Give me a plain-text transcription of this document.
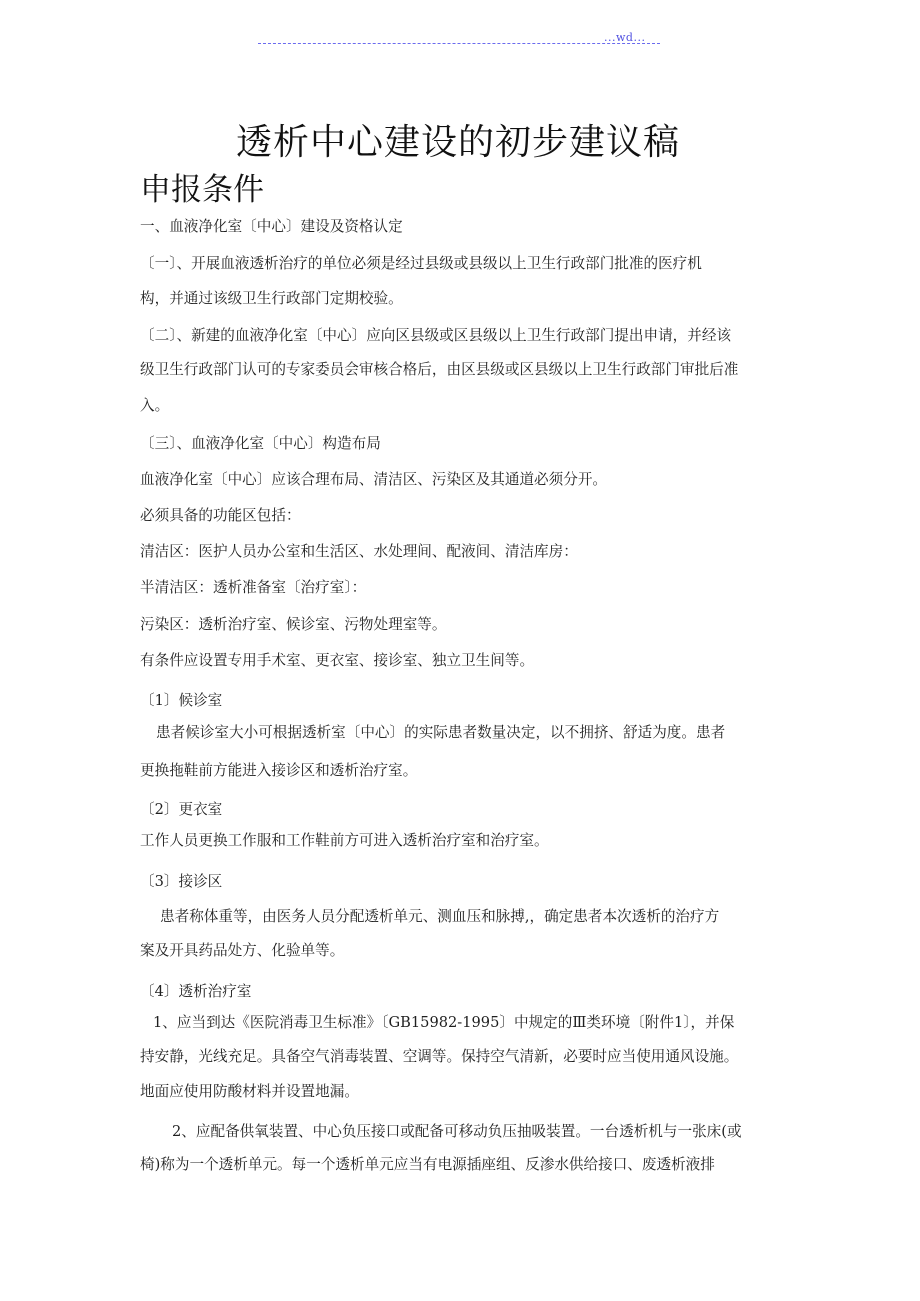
...wd...
透析中心建设的初步建议稿
申报条件
一、血液净化室〔中心〕建设及资格认定
〔一〕、开展血液透析治疗的单位必须是经过县级或县级以上卫生行政部门批准的医疗机
构，并通过该级卫生行政部门定期校验。
〔二〕、新建的血液净化室〔中心〕应向区县级或区县级以上卫生行政部门提出申请，并经该
级卫生行政部门认可的专家委员会审核合格后，由区县级或区县级以上卫生行政部门审批后准
入。
〔三〕、血液净化室〔中心〕构造布局
血液净化室〔中心〕应该合理布局、清洁区、污染区及其通道必须分开。
必须具备的功能区包括：
清洁区：医护人员办公室和生活区、水处理间、配液间、清洁库房：
半清洁区：透析准备室〔治疗室〕：
污染区：透析治疗室、候诊室、污物处理室等。
有条件应设置专用手术室、更衣室、接诊室、独立卫生间等。
〔1〕候诊室
患者候诊室大小可根据透析室〔中心〕的实际患者数量决定，以不拥挤、舒适为度。患者
更换拖鞋前方能进入接诊区和透析治疗室。
〔2〕更衣室
工作人员更换工作服和工作鞋前方可进入透析治疗室和治疗室。
〔3〕接诊区
患者称体重等，由医务人员分配透析单元、测血压和脉搏,，确定患者本次透析的治疗方
案及开具药品处方、化验单等。
〔4〕透析治疗室
1、应当到达《医院消毒卫生标准》〔GB15982-1995〕中规定的Ⅲ类环境〔附件1〕，并保
持安静，光线充足。具备空气消毒装置、空调等。保持空气清新，必要时应当使用通风设施。
地面应使用防酸材料并设置地漏。
2、应配备供氧装置、中心负压接口或配备可移动负压抽吸装置。一台透析机与一张床(或
椅)称为一个透析单元。每一个透析单元应当有电源插座组、反渗水供给接口、废透析液排
